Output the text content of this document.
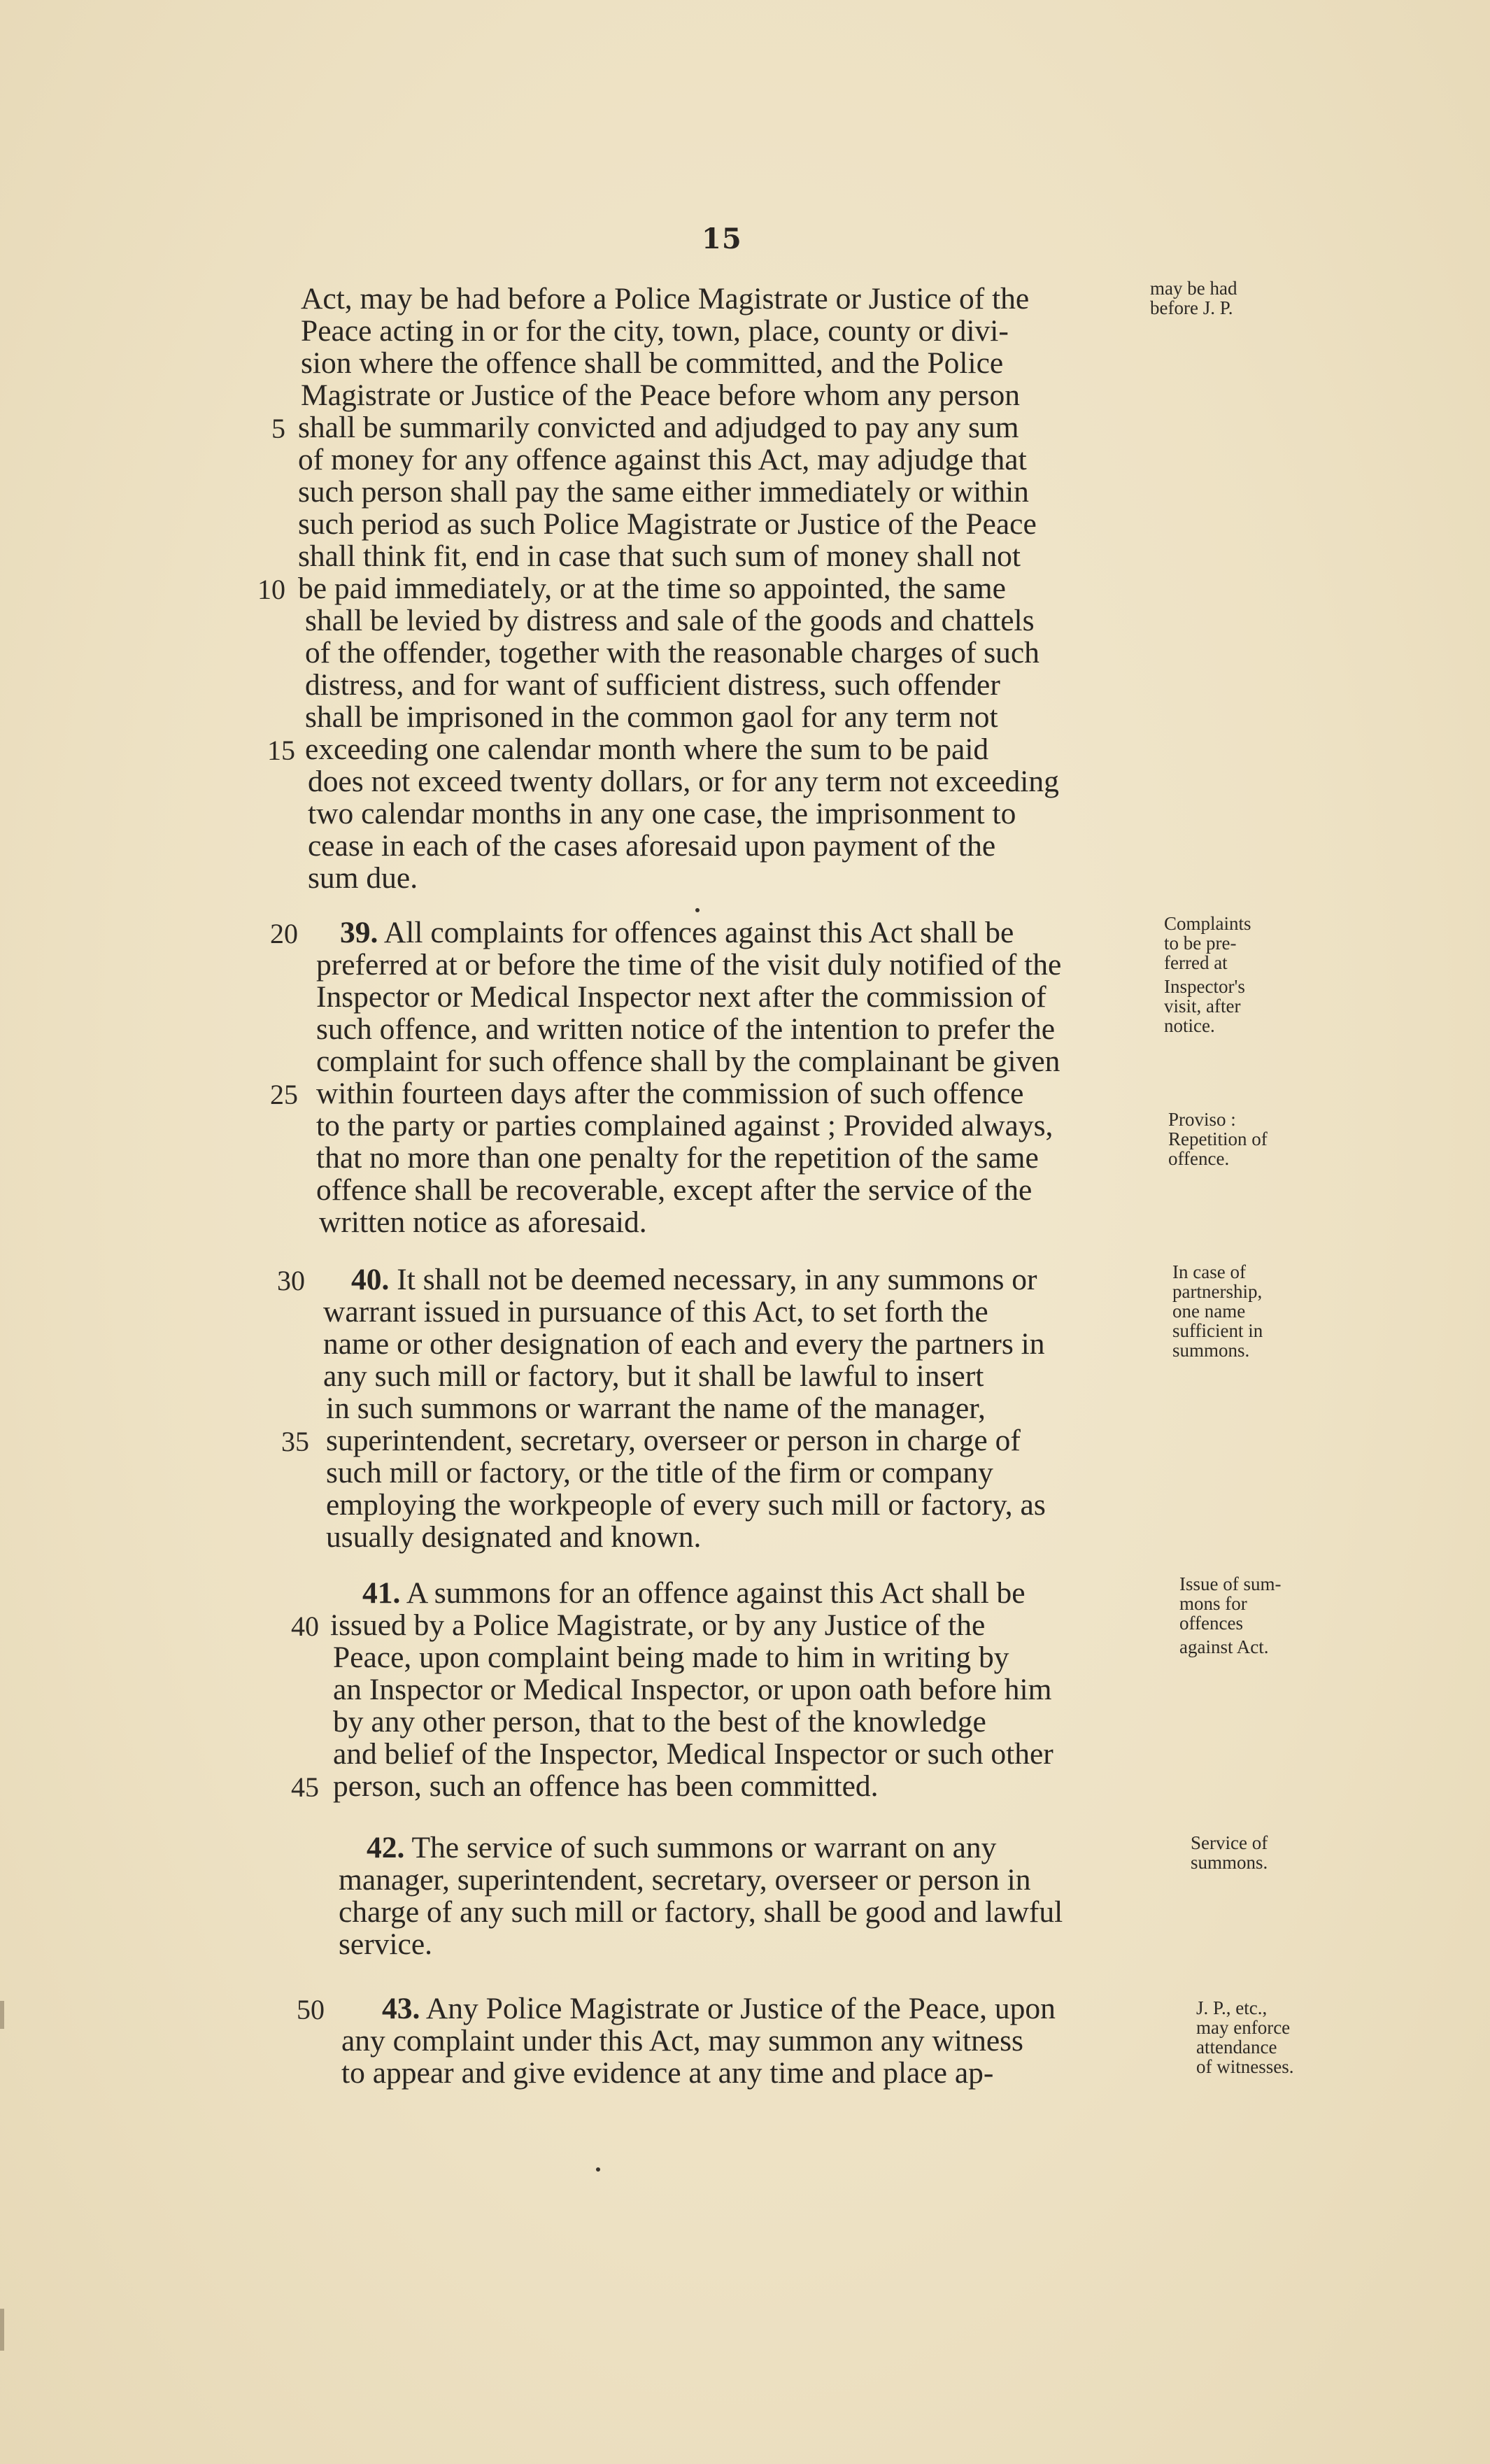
15
Act, may be had before a Police Magistrate or Justice of the
Peace acting in or for the city, town, place, county or divi-
sion where the offence shall be committed, and the Police
Magistrate or Justice of the Peace before whom any person
shall be summarily convicted and adjudged to pay any sum
of money for any offence against this Act, may adjudge that
such person shall pay the same either immediately or within
such period as such Police Magistrate or Justice of the Peace
shall think fit, end in case that such sum of money shall not
be paid immediately, or at the time so appointed, the same
shall be levied by distress and sale of the goods and chattels
of the offender, together with the reasonable charges of such
distress, and for want of sufficient distress, such offender
shall be imprisoned in the common gaol for any term not
exceeding one calendar month where the sum to be paid
does not exceed twenty dollars, or for any term not exceeding
two calendar months in any one case, the imprisonment to
cease in each of the cases aforesaid upon payment of the
sum due.
5
10
15
may be had
before J. P.
39. All complaints for offences against this Act shall be
preferred at or before the time of the visit duly notified of the
Inspector or Medical Inspector next after the commission of
such offence, and written notice of the intention to prefer the
complaint for such offence shall by the complainant be given
within fourteen days after the commission of such offence
to the party or parties complained against ; Provided always,
that no more than one penalty for the repetition of the same
offence shall be recoverable, except after the service of the
written notice as aforesaid.
20
25
Complaints
to be pre-
ferred at
Inspector's
visit, after
notice.
Proviso :
Repetition of
offence.
40. It shall not be deemed necessary, in any summons or
warrant issued in pursuance of this Act, to set forth the
name or other designation of each and every the partners in
any such mill or factory, but it shall be lawful to insert
in such summons or warrant the name of the manager,
superintendent, secretary, overseer or person in charge of
such mill or factory, or the title of the firm or company
employing the workpeople of every such mill or factory, as
usually designated and known.
30
35
In case of
partnership,
one name
sufficient in
summons.
41. A summons for an offence against this Act shall be
issued by a Police Magistrate, or by any Justice of the
Peace, upon complaint being made to him in writing by
an Inspector or Medical Inspector, or upon oath before him
by any other person, that to the best of the knowledge
and belief of the Inspector, Medical Inspector or such other
person, such an offence has been committed.
40
45
Issue of sum-
mons for
offences
against Act.
42. The service of such summons or warrant on any
manager, superintendent, secretary, overseer or person in
charge of any such mill or factory, shall be good and lawful
service.
Service of
summons.
43. Any Police Magistrate or Justice of the Peace, upon
any complaint under this Act, may summon any witness
to appear and give evidence at any time and place ap-
50	J. P., etc.,
may enforce
attendance
of witnesses.
